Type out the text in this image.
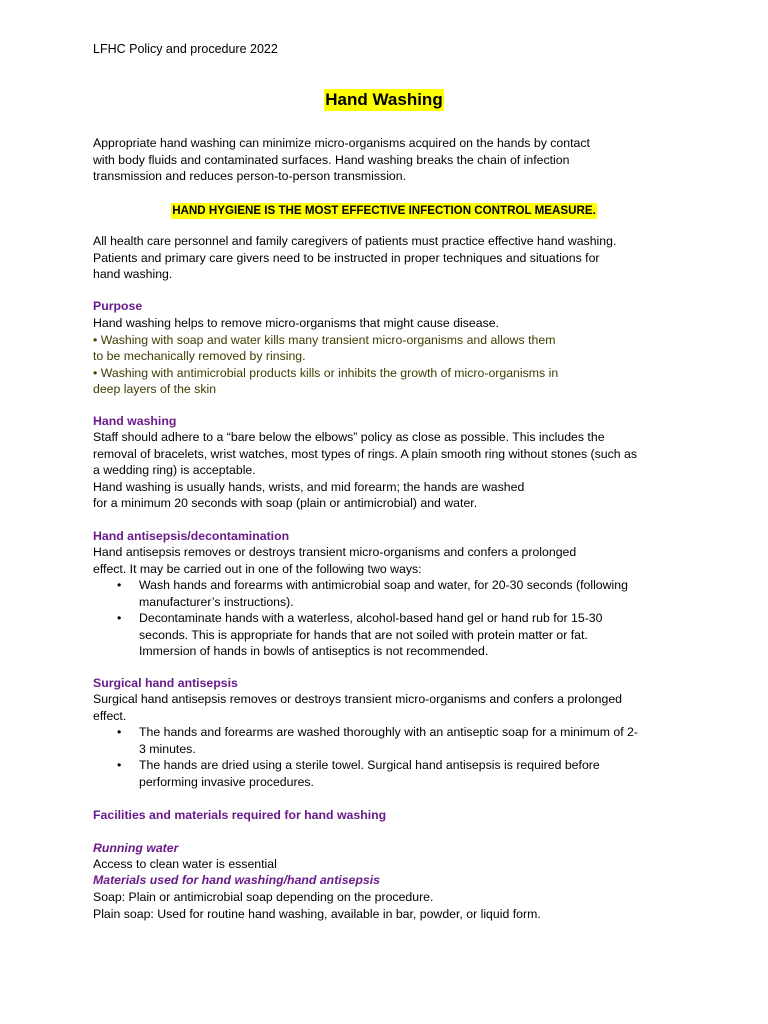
LFHC Policy and procedure 2022
Hand Washing

Appropriate hand washing can minimize micro-organisms acquired on the hands by contact
with body fluids and contaminated surfaces. Hand washing breaks the chain of infection
transmission and reduces person-to-person transmission.

HAND HYGIENE IS THE MOST EFFECTIVE INFECTION CONTROL MEASURE.

All health care personnel and family caregivers of patients must practice effective hand washing.
Patients and primary care givers need to be instructed in proper techniques and situations for
hand washing.

Purpose

Hand washing helps to remove micro-organisms that might cause disease.
• Washing with soap and water kills many transient micro-organisms and allows them
to be mechanically removed by rinsing.
• Washing with antimicrobial products kills or inhibits the growth of micro-organisms in
deep layers of the skin

Hand washing

Staff should adhere to a “bare below the elbows” policy as close as possible. This includes the
removal of bracelets, wrist watches, most types of rings. A plain smooth ring without stones (such as
a wedding ring) is acceptable.
Hand washing is usually hands, wrists, and mid forearm; the hands are washed
for a minimum 20 seconds with soap (plain or antimicrobial) and water.

Hand antisepsis/decontamination

Hand antisepsis removes or destroys transient micro-organisms and confers a prolonged
effect. It may be carried out in one of the following two ways:

• Wash hands and forearms with antimicrobial soap and water, for 20-30 seconds (following
manufacturer’s instructions).
• Decontaminate hands with a waterless, alcohol-based hand gel or hand rub for 15-30
seconds. This is appropriate for hands that are not soiled with protein matter or fat.
Immersion of hands in bowls of antiseptics is not recommended.
Surgical hand antisepsis

Surgical hand antisepsis removes or destroys transient micro-organisms and confers a prolonged
effect.

• The hands and forearms are washed thoroughly with an antiseptic soap for a minimum of 2-
3 minutes.
• The hands are dried using a sterile towel. Surgical hand antisepsis is required before
performing invasive procedures.
Facilities and materials required for hand washing
Running water

Access to clean water is essential

Materials used for hand washing/hand antisepsis

Soap: Plain or antimicrobial soap depending on the procedure.
Plain soap: Used for routine hand washing, available in bar, powder, or liquid form.
